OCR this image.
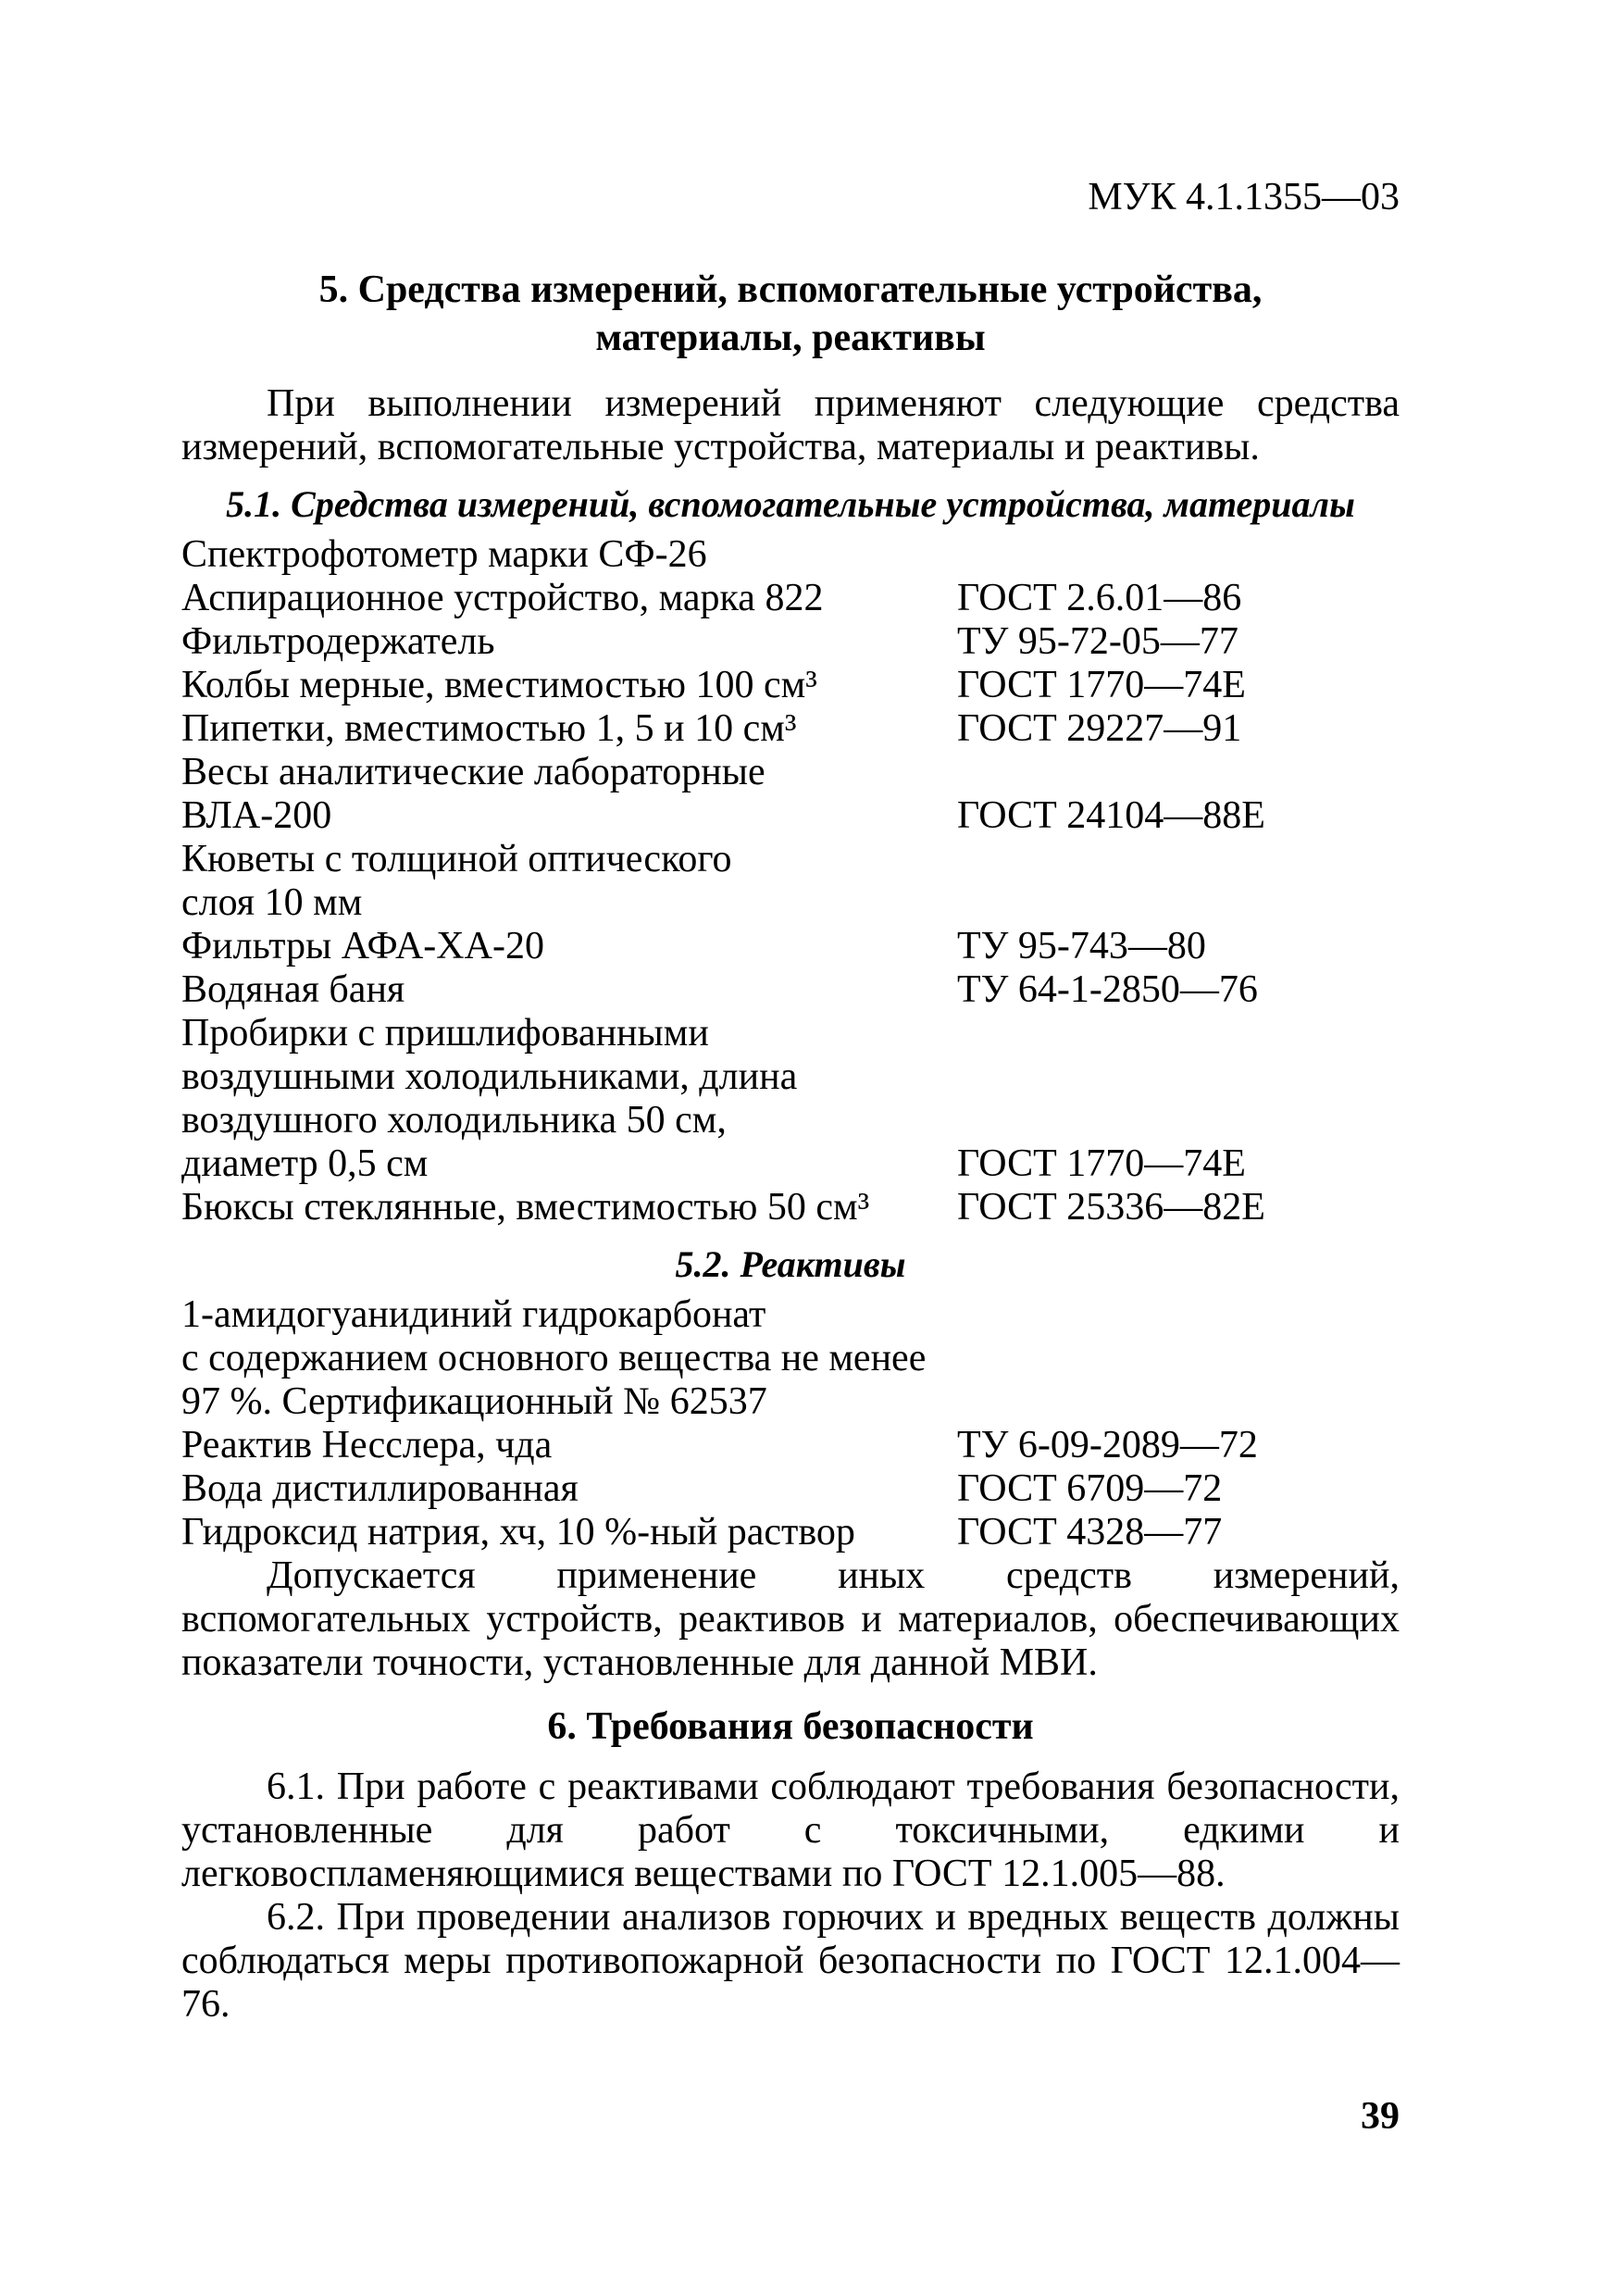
МУК 4.1.1355—03
5. Средства измерений, вспомогательные устройства,
материалы, реактивы

При выполнении измерений применяют следующие средства измерений, вспомогательные устройства, материалы и реактивы.

5.1. Средства измерений, вспомогательные устройства, материалы
Спектрофотометр марки СФ-26
Аспирационное устройство, марка 822	ГОСТ 2.6.01—86
Фильтродержатель	ТУ 95-72-05—77
Колбы мерные, вместимостью 100 см³	ГОСТ 1770—74Е
Пипетки, вместимостью 1, 5 и 10 см³	ГОСТ 29227—91
Весы аналитические лабораторные
ВЛА-200	ГОСТ 24104—88Е
Кюветы с толщиной оптического
слоя 10 мм
Фильтры АФА-ХА-20	ТУ 95-743—80
Водяная баня	ТУ 64-1-2850—76
Пробирки с пришлифованными
воздушными холодильниками, длина
воздушного холодильника 50 см,
диаметр 0,5 см	ГОСТ 1770—74Е
Бюксы стеклянные, вместимостью 50 см³	ГОСТ 25336—82Е
5.2. Реактивы
1-амидогуанидиний гидрокарбонат
с содержанием основного вещества не менее
97 %. Сертификационный № 62537
Реактив Несслера, чда	ТУ 6-09-2089—72
Вода дистиллированная	ГОСТ 6709—72
Гидроксид натрия, хч, 10 %-ный раствор	ГОСТ 4328—77

Допускается применение иных средств измерений, вспомогательных устройств, реактивов и материалов, обеспечивающих показатели точности, установленные для данной МВИ.

6. Требования безопасности

6.1. При работе с реактивами соблюдают требования безопасности, установленные для работ с токсичными, едкими и легковоспламеняющимися веществами по ГОСТ 12.1.005—88.

6.2. При проведении анализов горючих и вредных веществ должны соблюдаться меры противопожарной безопасности по ГОСТ 12.1.004—76.

39
